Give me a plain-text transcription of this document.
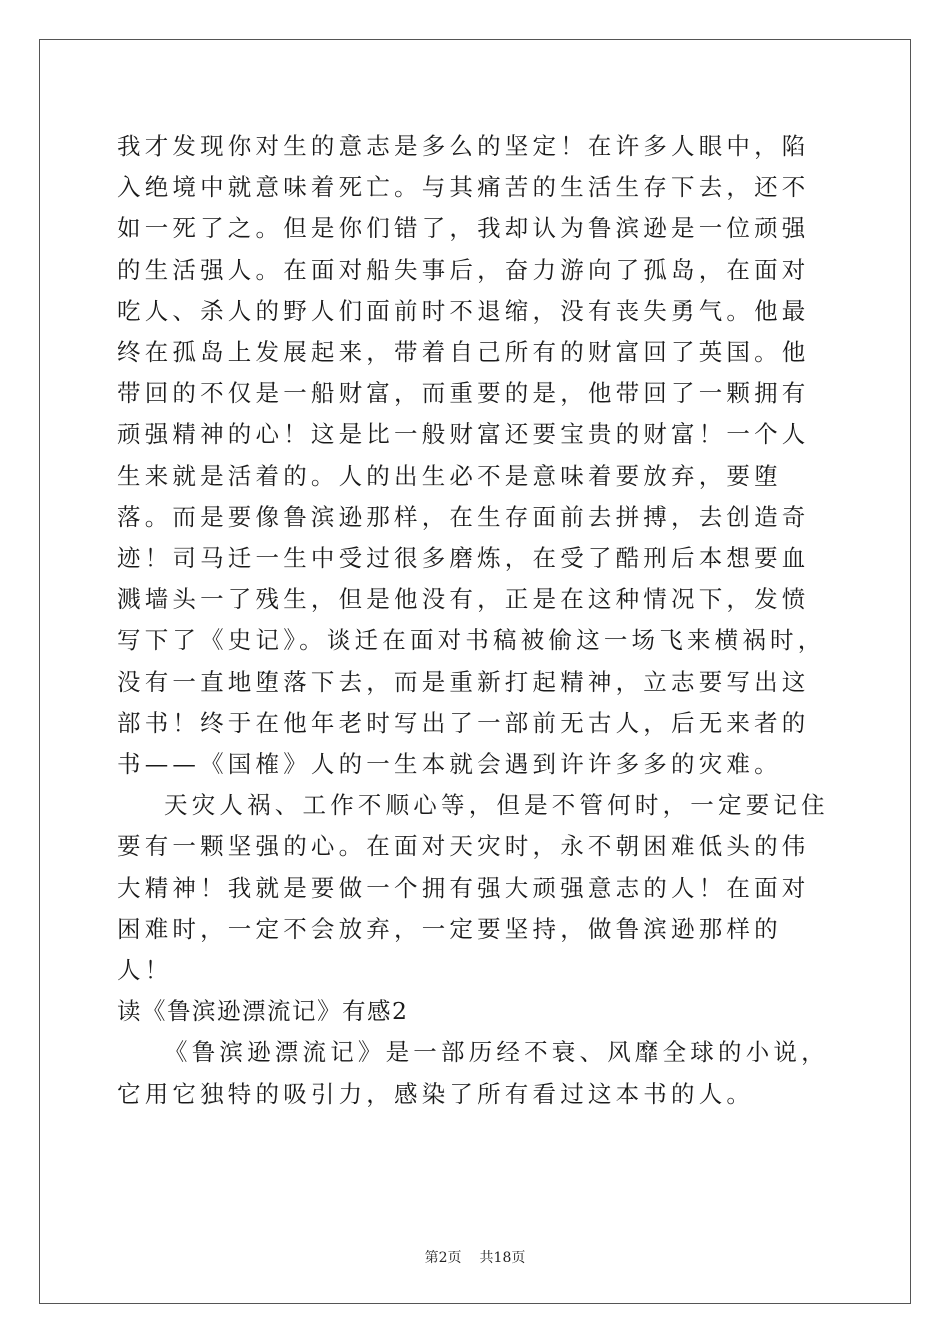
我才发现你对生的意志是多么的坚定！在许多人眼中，陷入绝境中就意味着死亡。与其痛苦的生活生存下去，还不如一死了之。但是你们错了，我却认为鲁滨逊是一位顽强的生活强人。在面对船失事后，奋力游向了孤岛，在面对吃人、杀人的野人们面前时不退缩，没有丧失勇气。他最终在孤岛上发展起来，带着自己所有的财富回了英国。他带回的不仅是一船财富，而重要的是，他带回了一颗拥有顽强精神的心！这是比一般财富还要宝贵的财富！一个人生来就是活着的。人的出生必不是意味着要放弃，要堕落。而是要像鲁滨逊那样，在生存面前去拼搏，去创造奇迹！司马迁一生中受过很多磨炼，在受了酷刑后本想要血溅墙头一了残生，但是他没有，正是在这种情况下，发愤写下了《史记》。谈迁在面对书稿被偷这一场飞来横祸时，没有一直地堕落下去，而是重新打起精神，立志要写出这部书！终于在他年老时写出了一部前无古人，后无来者的书——《国榷》人的一生本就会遇到许许多多的灾难。

天灾人祸、工作不顺心等，但是不管何时，一定要记住要有一颗坚强的心。在面对天灾时，永不朝困难低头的伟大精神！我就是要做一个拥有强大顽强意志的人！在面对困难时，一定不会放弃，一定要坚持，做鲁滨逊那样的人！

读《鲁滨逊漂流记》有感2

《鲁滨逊漂流记》是一部历经不衰、风靡全球的小说，它用它独特的吸引力，感染了所有看过这本书的人。

第2页 共18页
